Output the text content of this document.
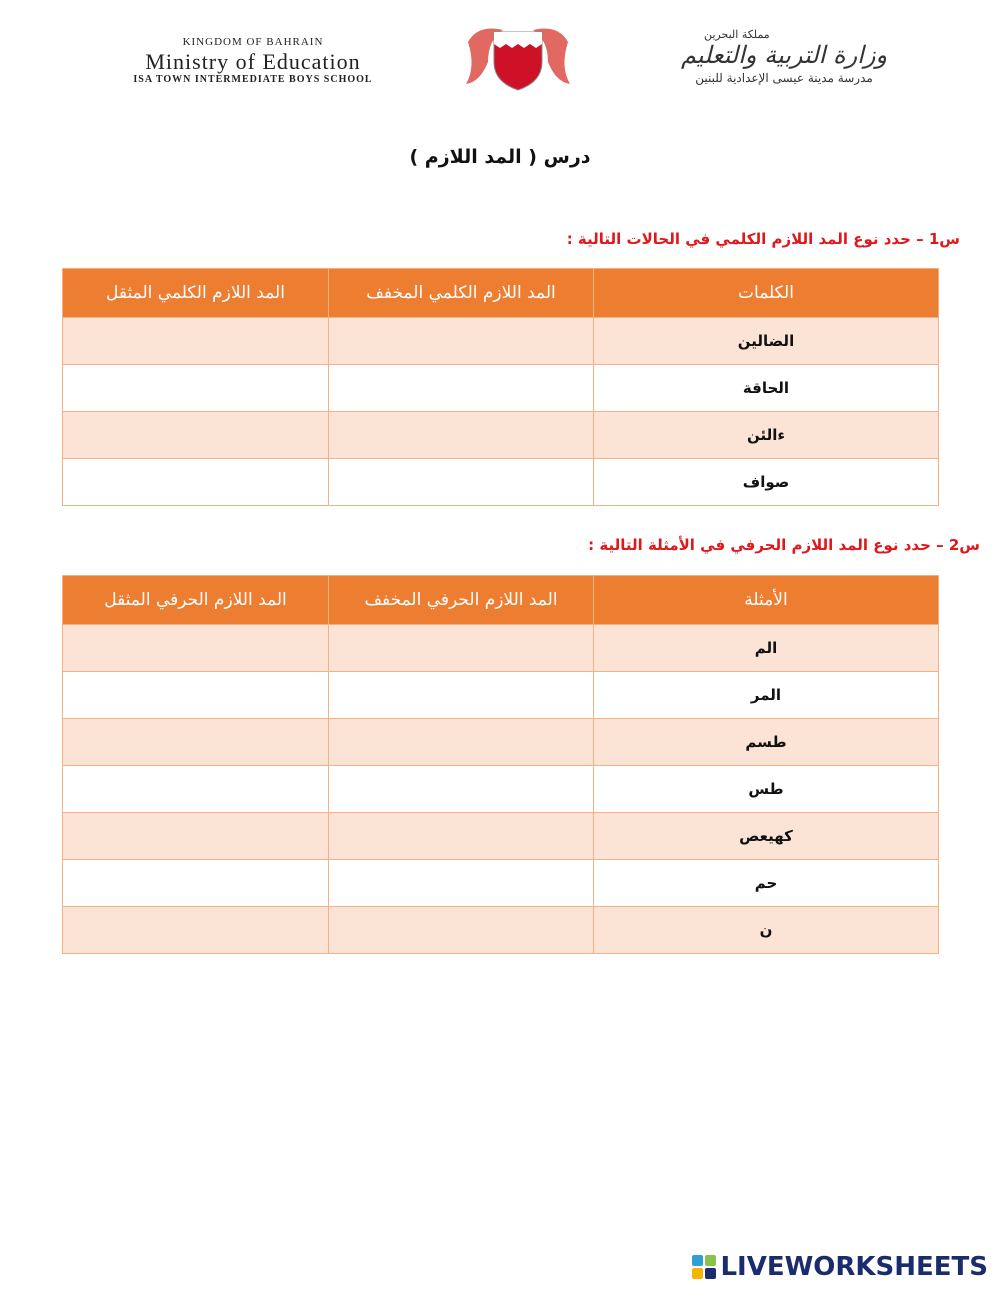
KINGDOM OF BAHRAIN
Ministry of Education
ISA TOWN INTERMEDIATE BOYS SCHOOL
مملكة البحرين
وزارة التربية والتعليم
مدرسة مدينة عيسى الإعدادية للبنين
درس ( المد اللازم )
س1 – حدد نوع المد اللازم الكلمي في الحالات التالية :
الكلمات	المد اللازم الكلمي المخفف	المد اللازم الكلمي المثقل
الضالين		
الحاقة		
ءالئن		
صواف		
س2 – حدد نوع المد اللازم الحرفي في الأمثلة التالية :
الأمثلة	المد اللازم الحرفي المخفف	المد اللازم الحرفي المثقل
الم		
المر		
طسم		
طس		
كهيعص		
حم		
ن		
LIVEWORKSHEETS
